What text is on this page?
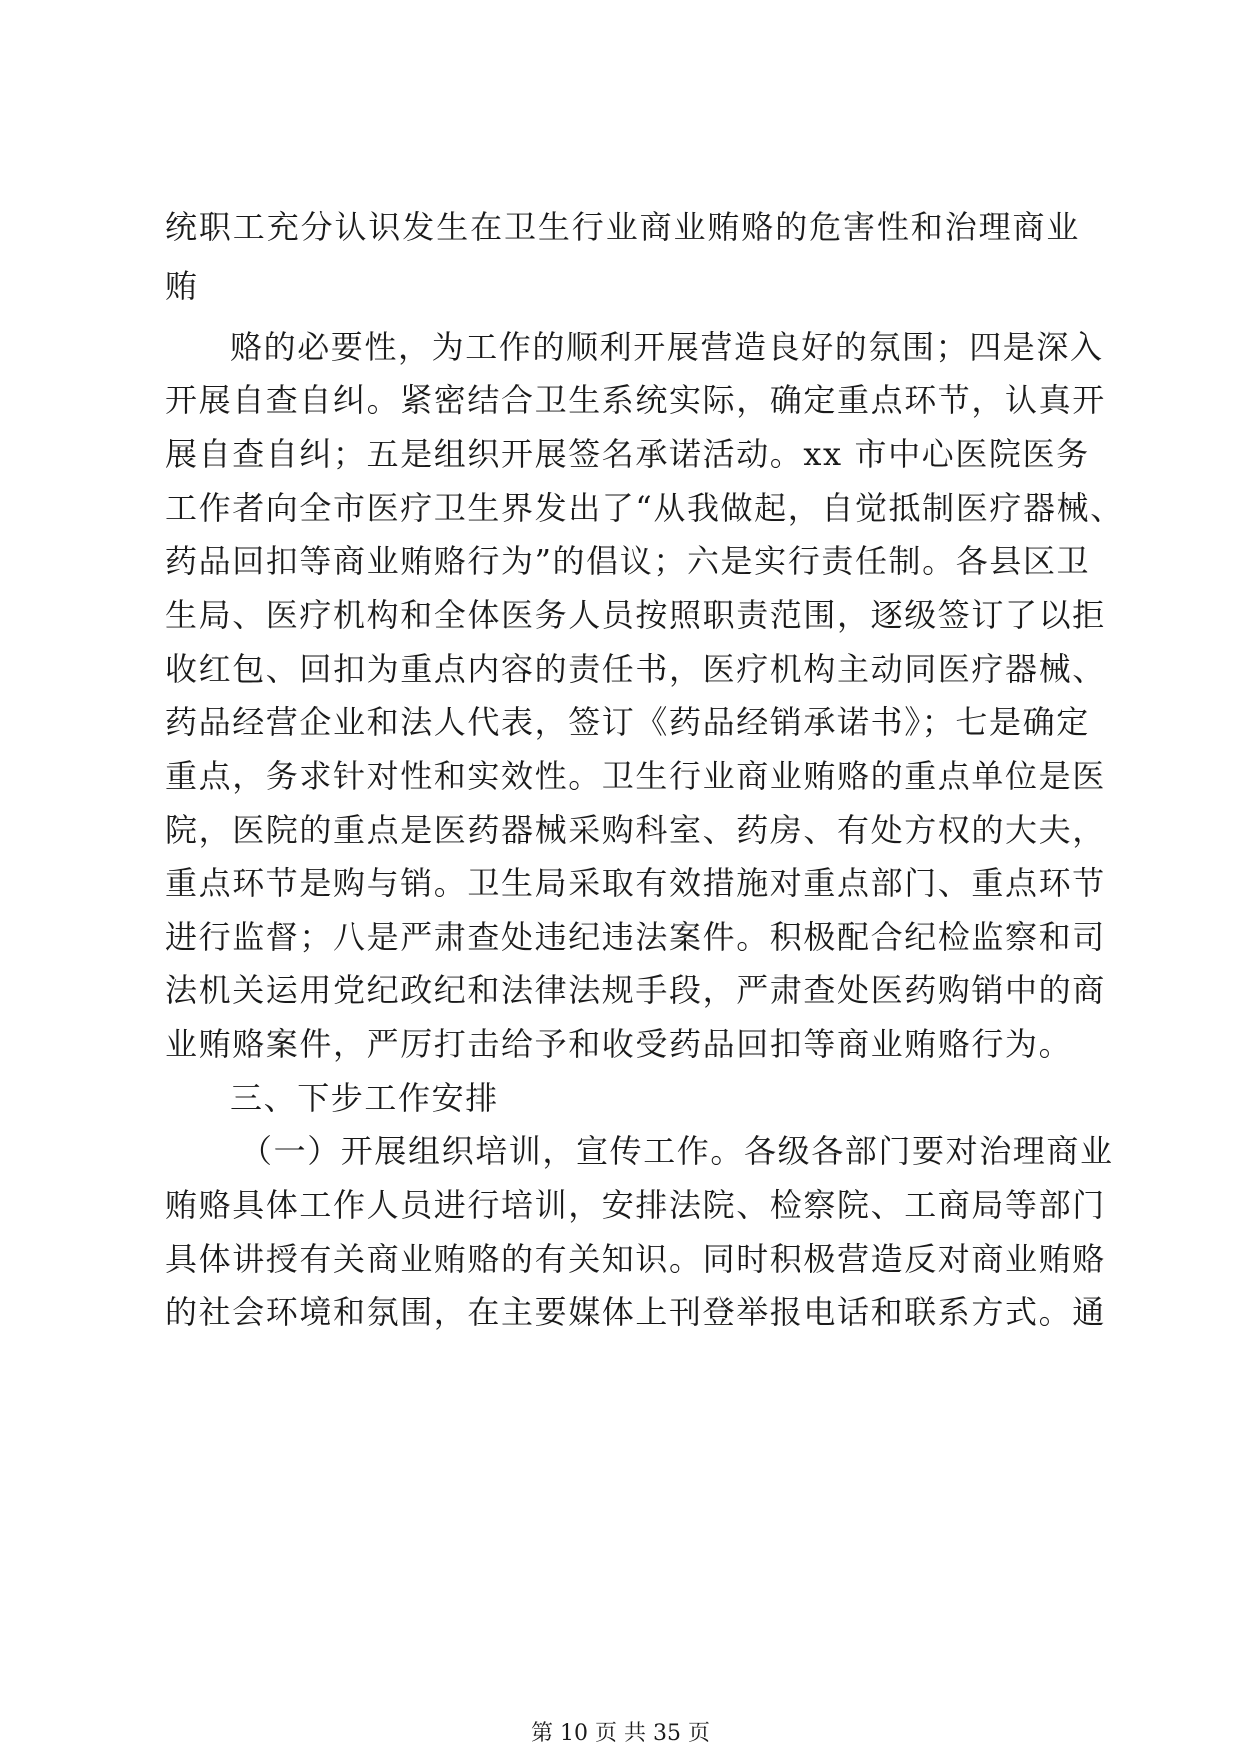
统职工充分认识发生在卫生行业商业贿赂的危害性和治理商业
贿
赂的必要性，为工作的顺利开展营造良好的氛围；四是深入
开展自查自纠。紧密结合卫生系统实际，确定重点环节，认真开
展自查自纠；五是组织开展签名承诺活动。xx 市中心医院医务
工作者向全市医疗卫生界发出了“从我做起，自觉抵制医疗器械、
药品回扣等商业贿赂行为”的倡议；六是实行责任制。各县区卫
生局、医疗机构和全体医务人员按照职责范围，逐级签订了以拒
收红包、回扣为重点内容的责任书，医疗机构主动同医疗器械、
药品经营企业和法人代表，签订《药品经销承诺书》；七是确定
重点，务求针对性和实效性。卫生行业商业贿赂的重点单位是医
院，医院的重点是医药器械采购科室、药房、有处方权的大夫，
重点环节是购与销。卫生局采取有效措施对重点部门、重点环节
进行监督；八是严肃查处违纪违法案件。积极配合纪检监察和司
法机关运用党纪政纪和法律法规手段，严肃查处医药购销中的商
业贿赂案件，严厉打击给予和收受药品回扣等商业贿赂行为。
三、下步工作安排
（一）开展组织培训，宣传工作。各级各部门要对治理商业
贿赂具体工作人员进行培训，安排法院、检察院、工商局等部门
具体讲授有关商业贿赂的有关知识。同时积极营造反对商业贿赂
的社会环境和氛围，在主要媒体上刊登举报电话和联系方式。通
第 10 页 共 35 页
